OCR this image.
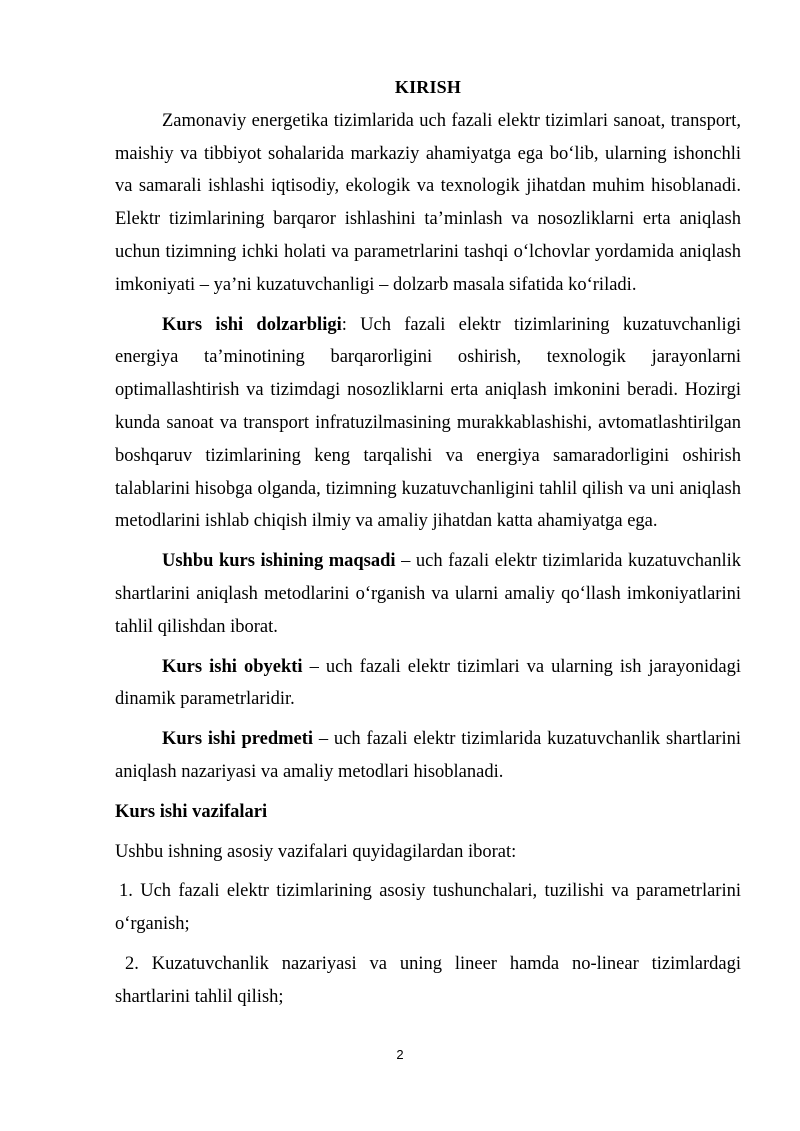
KIRISH

Zamonaviy energetika tizimlarida uch fazali elektr tizimlari sanoat, transport, maishiy va tibbiyot sohalarida markaziy ahamiyatga ega bo‘lib, ularning ishonchli va samarali ishlashi iqtisodiy, ekologik va texnologik jihatdan muhim hisoblanadi. Elektr tizimlarining barqaror ishlashini ta’minlash va nosozliklarni erta aniqlash uchun tizimning ichki holati va parametrlarini tashqi o‘lchovlar yordamida aniqlash imkoniyati – ya’ni kuzatuvchanligi – dolzarb masala sifatida ko‘riladi.

Kurs ishi dolzarbligi: Uch fazali elektr tizimlarining kuzatuvchanligi energiya ta’minotining barqarorligini oshirish, texnologik jarayonlarni optimallashtirish va tizimdagi nosozliklarni erta aniqlash imkonini beradi. Hozirgi kunda sanoat va transport infratuzilmasining murakkablashishi, avtomatlashtirilgan boshqaruv tizimlarining keng tarqalishi va energiya samaradorligini oshirish talablarini hisobga olganda, tizimning kuzatuvchanligini tahlil qilish va uni aniqlash metodlarini ishlab chiqish ilmiy va amaliy jihatdan katta ahamiyatga ega.

Ushbu kurs ishining maqsadi – uch fazali elektr tizimlarida kuzatuvchanlik shartlarini aniqlash metodlarini o‘rganish va ularni amaliy qo‘llash imkoniyatlarini tahlil qilishdan iborat.

Kurs ishi obyekti – uch fazali elektr tizimlari va ularning ish jarayonidagi dinamik parametrlaridir.

Kurs ishi predmeti – uch fazali elektr tizimlarida kuzatuvchanlik shartlarini aniqlash nazariyasi va amaliy metodlari hisoblanadi.

Kurs ishi vazifalari

Ushbu ishning asosiy vazifalari quyidagilardan iborat:

1. Uch fazali elektr tizimlarining asosiy tushunchalari, tuzilishi va parametrlarini o‘rganish;

2. Kuzatuvchanlik nazariyasi va uning lineer hamda no-linear tizimlardagi shartlarini tahlil qilish;

2
